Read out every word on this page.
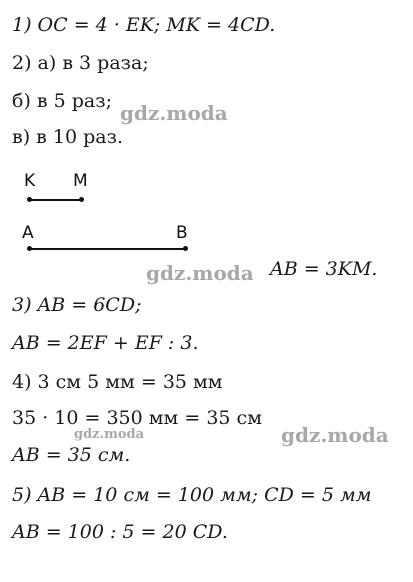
1) OC = 4 · EK; MK = 4CD.
2) а) в 3 раза;
б) в 5 раз;
в) в 10 раз.
K M
A	B
AB = 3KM.
3) AB = 6CD;
AB = 2EF + EF : 3.
4) 3 см 5 мм = 35 мм
35 · 10 = 350 мм = 35 см
AB = 35 см.
5) AB = 10 см = 100 мм; CD = 5 мм
AB = 100 : 5 = 20 CD.
gdz.moda
gdz.moda
gdz.moda	gdz.moda
